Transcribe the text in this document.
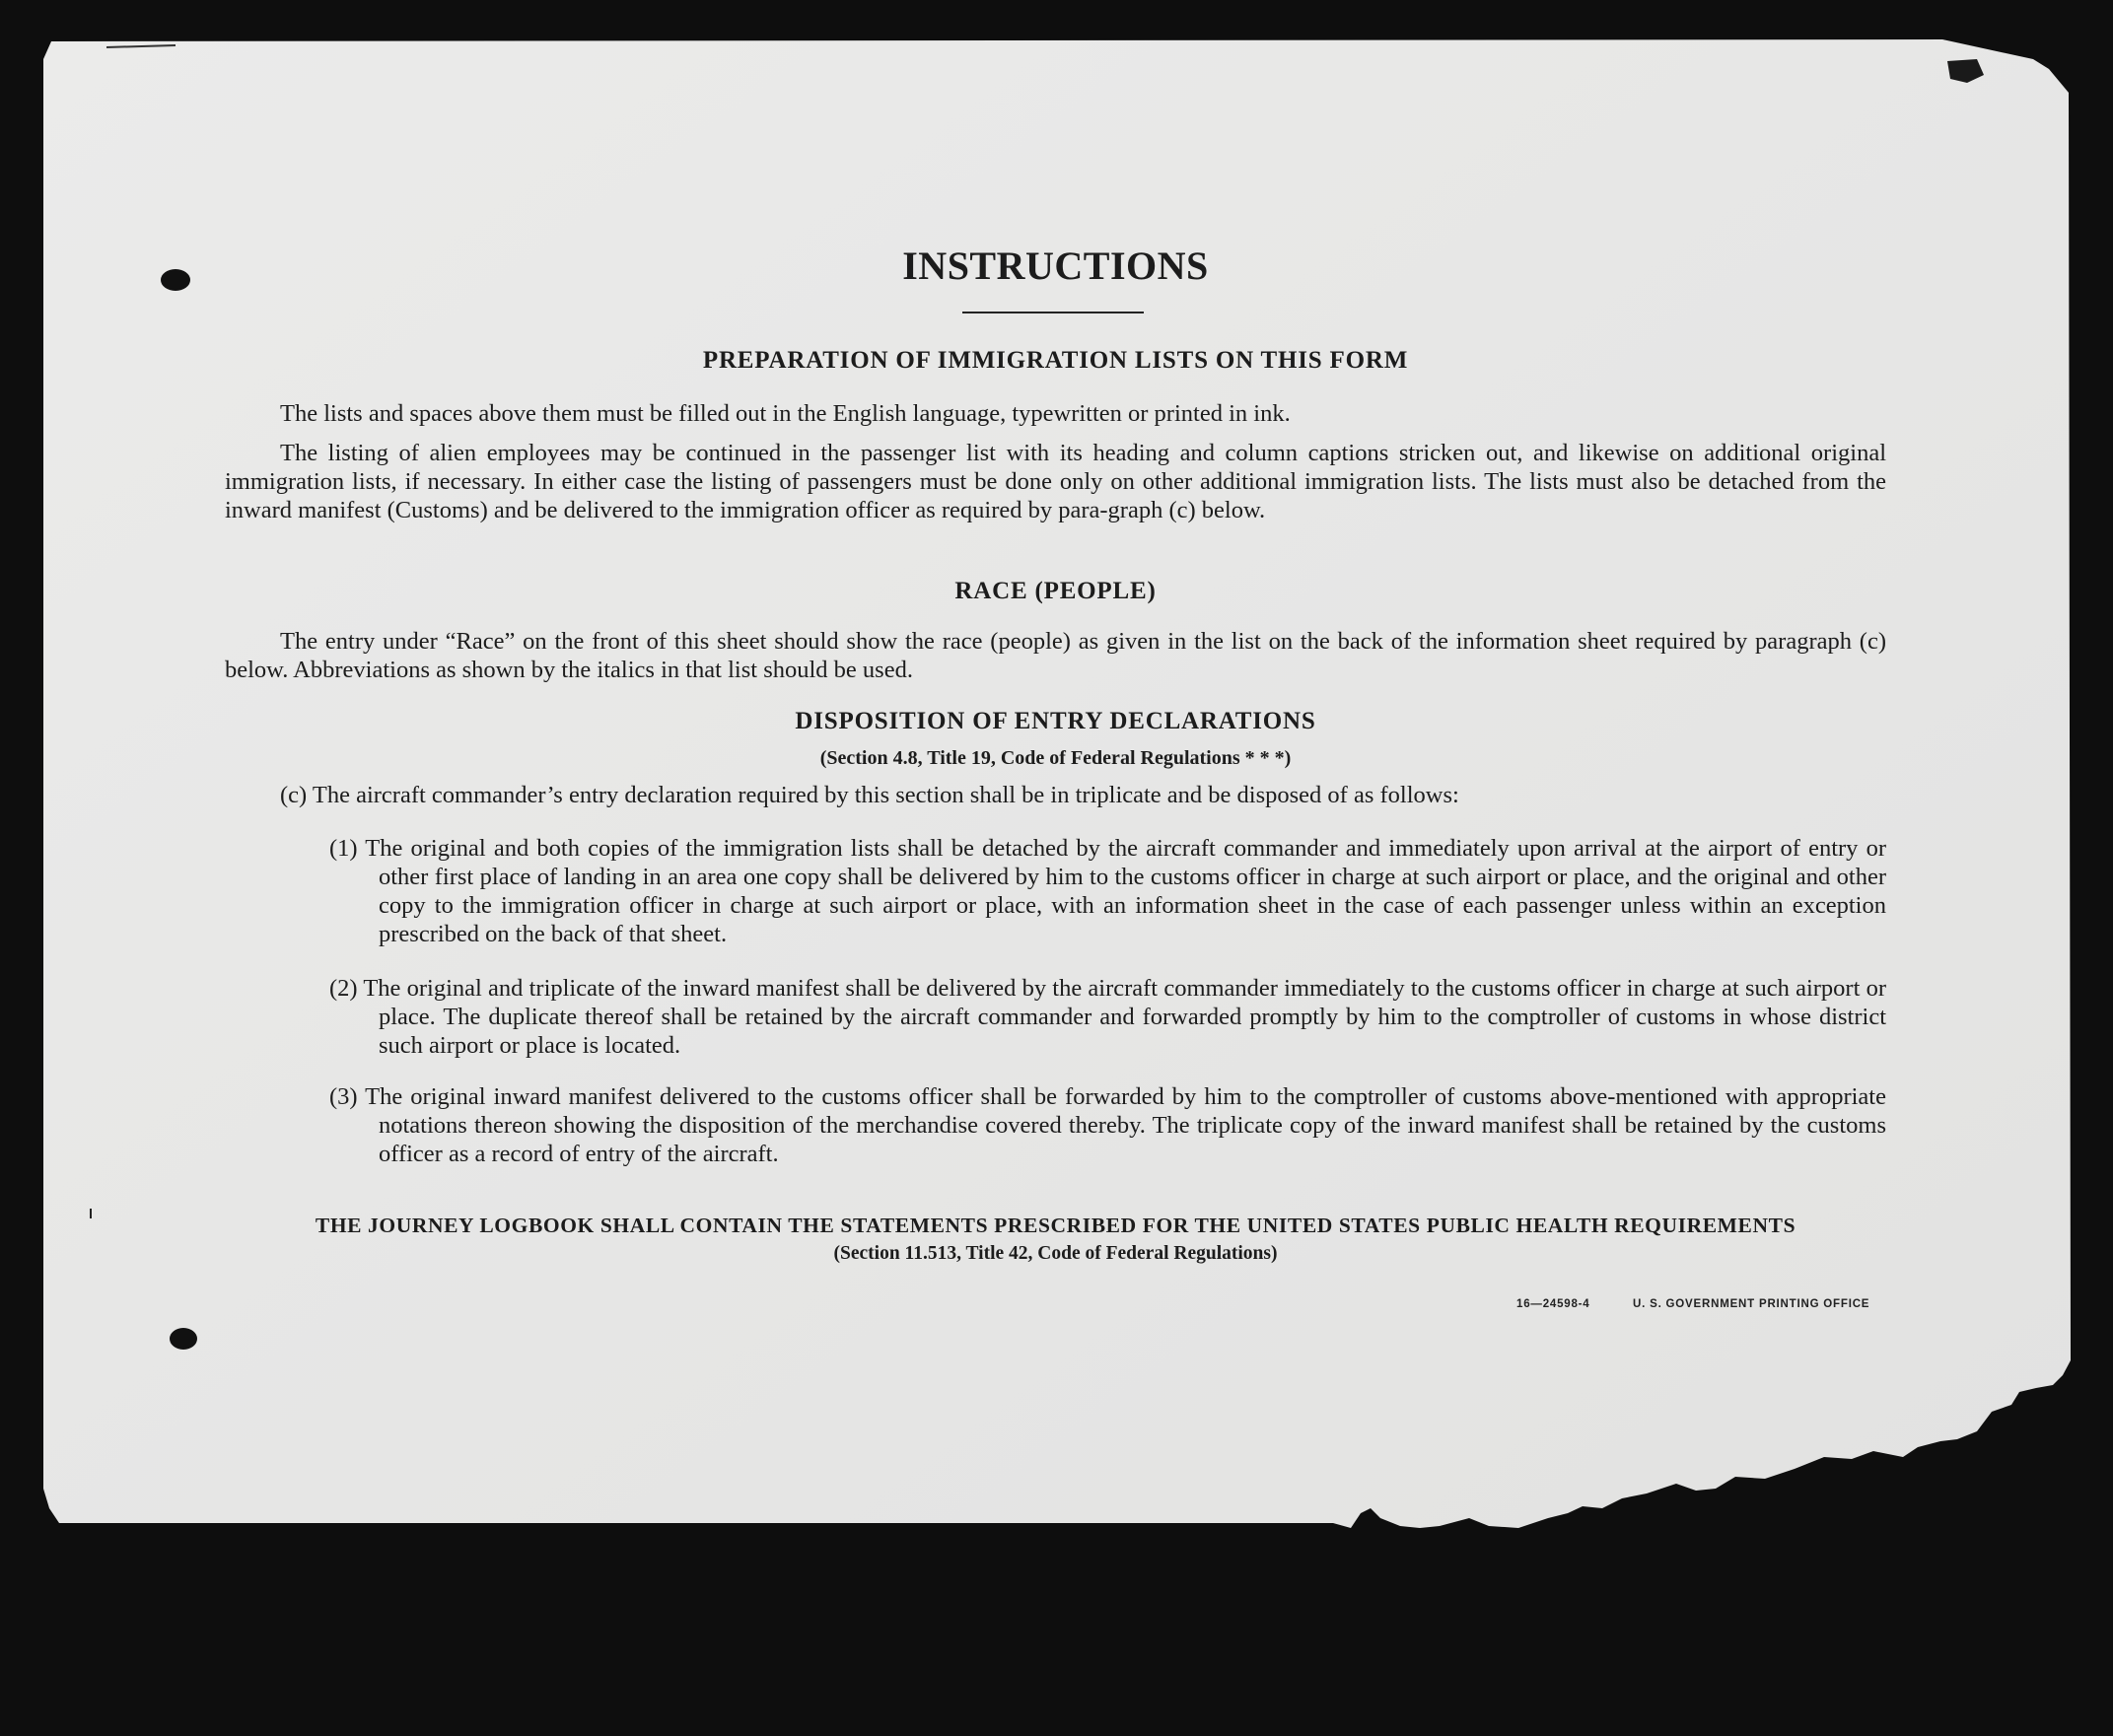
INSTRUCTIONS
PREPARATION OF IMMIGRATION LISTS ON THIS FORM
The lists and spaces above them must be filled out in the English language, typewritten or printed in ink.
The listing of alien employees may be continued in the passenger list with its heading and column captions stricken out, and likewise on additional original immigration lists, if necessary. In either case the listing of passengers must be done only on other additional immigration lists. The lists must also be detached from the inward manifest (Customs) and be delivered to the immigration officer as required by para-graph (c) below.
RACE (PEOPLE)
The entry under “Race” on the front of this sheet should show the race (people) as given in the list on the back of the information sheet required by paragraph (c) below. Abbreviations as shown by the italics in that list should be used.
DISPOSITION OF ENTRY DECLARATIONS
(Section 4.8, Title 19, Code of Federal Regulations * * *)
(c) The aircraft commander’s entry declaration required by this section shall be in triplicate and be disposed of as follows:
(1) The original and both copies of the immigration lists shall be detached by the aircraft commander and immediately upon arrival at the airport of entry or other first place of landing in an area one copy shall be delivered by him to the customs officer in charge at such airport or place, and the original and other copy to the immigration officer in charge at such airport or place, with an information sheet in the case of each passenger unless within an exception prescribed on the back of that sheet.
(2) The original and triplicate of the inward manifest shall be delivered by the aircraft commander immediately to the customs officer in charge at such airport or place. The duplicate thereof shall be retained by the aircraft commander and forwarded promptly by him to the comptroller of customs in whose district such airport or place is located.
(3) The original inward manifest delivered to the customs officer shall be forwarded by him to the comptroller of customs above-mentioned with appropriate notations thereon showing the disposition of the merchandise covered thereby. The triplicate copy of the inward manifest shall be retained by the customs officer as a record of entry of the aircraft.
THE JOURNEY LOGBOOK SHALL CONTAIN THE STATEMENTS PRESCRIBED FOR THE UNITED STATES PUBLIC HEALTH REQUIREMENTS
(Section 11.513, Title 42, Code of Federal Regulations)
16—24598-4	U. S. GOVERNMENT PRINTING OFFICE
